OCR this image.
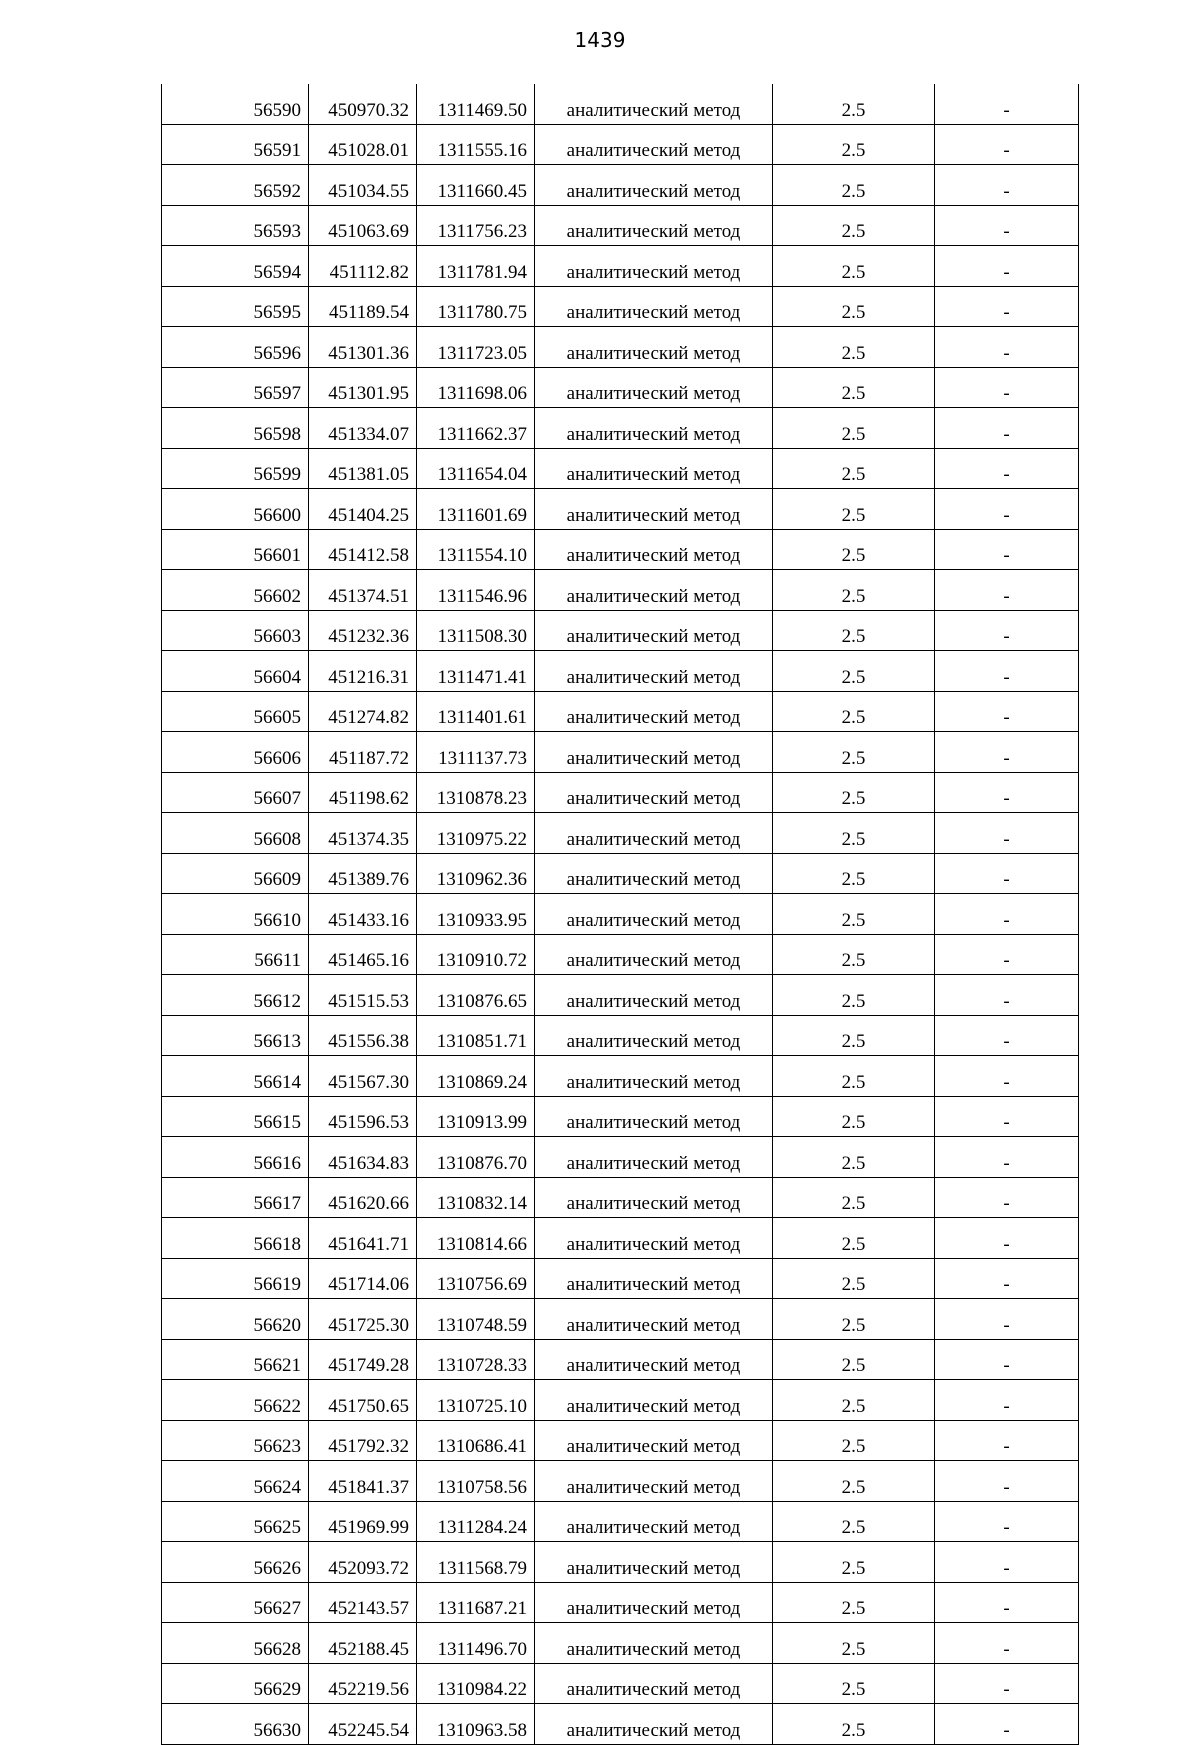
1439
56590	450970.32	1311469.50	аналитический метод	2.5	-
56591	451028.01	1311555.16	аналитический метод	2.5	-
56592	451034.55	1311660.45	аналитический метод	2.5	-
56593	451063.69	1311756.23	аналитический метод	2.5	-
56594	451112.82	1311781.94	аналитический метод	2.5	-
56595	451189.54	1311780.75	аналитический метод	2.5	-
56596	451301.36	1311723.05	аналитический метод	2.5	-
56597	451301.95	1311698.06	аналитический метод	2.5	-
56598	451334.07	1311662.37	аналитический метод	2.5	-
56599	451381.05	1311654.04	аналитический метод	2.5	-
56600	451404.25	1311601.69	аналитический метод	2.5	-
56601	451412.58	1311554.10	аналитический метод	2.5	-
56602	451374.51	1311546.96	аналитический метод	2.5	-
56603	451232.36	1311508.30	аналитический метод	2.5	-
56604	451216.31	1311471.41	аналитический метод	2.5	-
56605	451274.82	1311401.61	аналитический метод	2.5	-
56606	451187.72	1311137.73	аналитический метод	2.5	-
56607	451198.62	1310878.23	аналитический метод	2.5	-
56608	451374.35	1310975.22	аналитический метод	2.5	-
56609	451389.76	1310962.36	аналитический метод	2.5	-
56610	451433.16	1310933.95	аналитический метод	2.5	-
56611	451465.16	1310910.72	аналитический метод	2.5	-
56612	451515.53	1310876.65	аналитический метод	2.5	-
56613	451556.38	1310851.71	аналитический метод	2.5	-
56614	451567.30	1310869.24	аналитический метод	2.5	-
56615	451596.53	1310913.99	аналитический метод	2.5	-
56616	451634.83	1310876.70	аналитический метод	2.5	-
56617	451620.66	1310832.14	аналитический метод	2.5	-
56618	451641.71	1310814.66	аналитический метод	2.5	-
56619	451714.06	1310756.69	аналитический метод	2.5	-
56620	451725.30	1310748.59	аналитический метод	2.5	-
56621	451749.28	1310728.33	аналитический метод	2.5	-
56622	451750.65	1310725.10	аналитический метод	2.5	-
56623	451792.32	1310686.41	аналитический метод	2.5	-
56624	451841.37	1310758.56	аналитический метод	2.5	-
56625	451969.99	1311284.24	аналитический метод	2.5	-
56626	452093.72	1311568.79	аналитический метод	2.5	-
56627	452143.57	1311687.21	аналитический метод	2.5	-
56628	452188.45	1311496.70	аналитический метод	2.5	-
56629	452219.56	1310984.22	аналитический метод	2.5	-
56630	452245.54	1310963.58	аналитический метод	2.5	-
